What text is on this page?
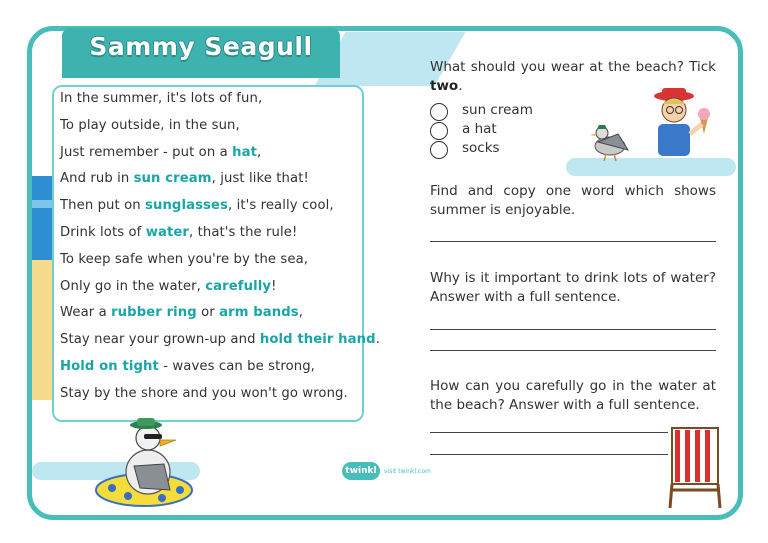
Sammy Seagull
In the summer, it's lots of fun,
To play outside, in the sun,
Just remember - put on a hat,
And rub in sun cream, just like that!
Then put on sunglasses, it's really cool,
Drink lots of water, that's the rule!
To keep safe when you're by the sea,
Only go in the water, carefully!
Wear a rubber ring or arm bands,
Stay near your grown-up and hold their hand.
Hold on tight - waves can be strong,
Stay by the shore and you won't go wrong.
What should you wear at the beach? Tick two.
sun cream
a hat
socks
Find and copy one word which shows summer is enjoyable.
Why is it important to drink lots of water? Answer with a full sentence.
How can you carefully go in the water at the beach? Answer with a full sentence.
twinkl	visit twinkl.com
